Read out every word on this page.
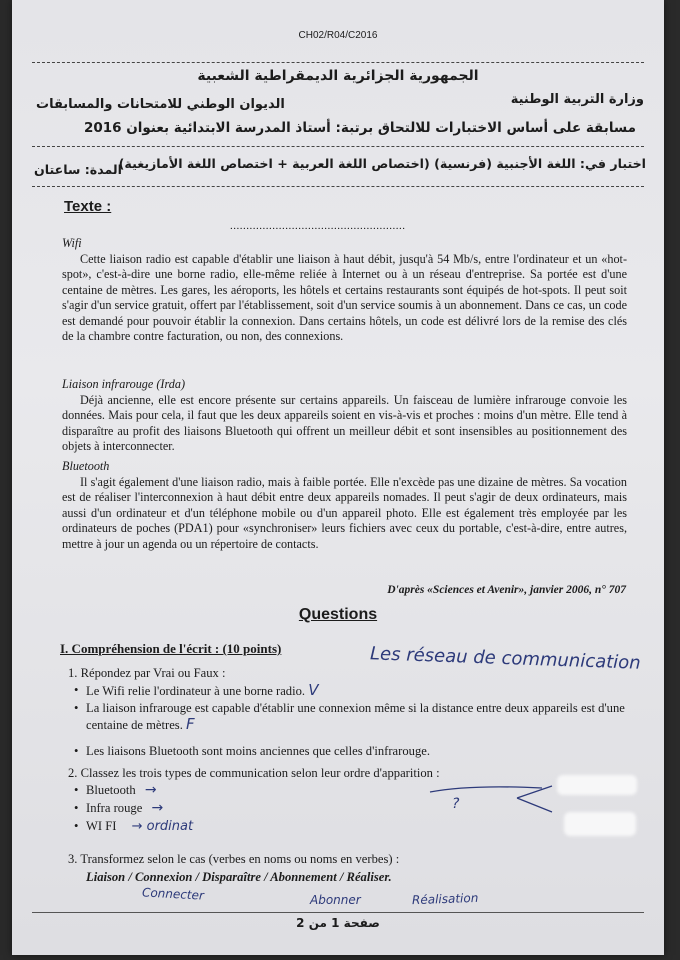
CH02/R04/C2016
الجمهورية الجزائرية الديمقراطية الشعبية
وزارة التربية الوطنية
الديوان الوطني للامتحانات والمسابقات
مسابقة على أساس الاختبارات للالتحاق برتبة: أستاذ المدرسة الابتدائية بعنوان 2016
اختبار في: اللغة الأجنبية (فرنسية) (اختصاص اللغة العربية + اختصاص اللغة الأمازيغية)
المدة: ساعتان
Texte :
......................................................
Wifi
Cette liaison radio est capable d'établir une liaison à haut débit, jusqu'à 54 Mb/s, entre l'ordinateur et un «hot-spot», c'est-à-dire une borne radio, elle-même reliée à Internet ou à un réseau d'entreprise. Sa portée est d'une centaine de mètres. Les gares, les aéroports, les hôtels et certains restaurants sont équipés de hot-spots. Il peut soit s'agir d'un service gratuit, offert par l'établissement, soit d'un service soumis à un abonnement. Dans ce cas, un code est demandé pour pouvoir établir la connexion. Dans certains hôtels, un code est délivré lors de la remise des clés de la chambre contre facturation, ou non, des connexions.
Liaison infrarouge (Irda)
Déjà ancienne, elle est encore présente sur certains appareils. Un faisceau de lumière infrarouge convoie les données. Mais pour cela, il faut que les deux appareils soient en vis-à-vis et proches : moins d'un mètre. Elle tend à disparaître au profit des liaisons Bluetooth qui offrent un meilleur débit et sont insensibles au positionnement des objets à interconnecter.
Bluetooth
Il s'agit également d'une liaison radio, mais à faible portée. Elle n'excède pas une dizaine de mètres. Sa vocation est de réaliser l'interconnexion à haut débit entre deux appareils nomades. Il peut s'agir de deux ordinateurs, mais aussi d'un ordinateur et d'un téléphone mobile ou d'un appareil photo. Elle est également très employée par les ordinateurs de poches (PDA1) pour «synchroniser» leurs fichiers avec ceux du portable, c'est-à-dire, entre autres, mettre à jour un agenda ou un répertoire de contacts.
D'après «Sciences et Avenir», janvier 2006, n° 707
Questions
I. Compréhension de l'écrit : (10 points)	Les réseau de communication
1. Répondez par Vrai ou Faux :
• Le Wifi relie l'ordinateur à une borne radio. V
• La liaison infrarouge est capable d'établir une connexion même si la distance entre deux appareils est d'une centaine de mètres. F
• Les liaisons Bluetooth sont moins anciennes que celles d'infrarouge.
2. Classez les trois types de communication selon leur ordre d'apparition :
• Bluetooth →
• Infra rouge →
• WI FI → ordinat
?
3. Transformez selon le cas (verbes en noms ou noms en verbes) :
Liaison / Connexion / Disparaître / Abonnement / Réaliser.
Connecter	Abonner	Réalisation
صفحة 1 من 2
